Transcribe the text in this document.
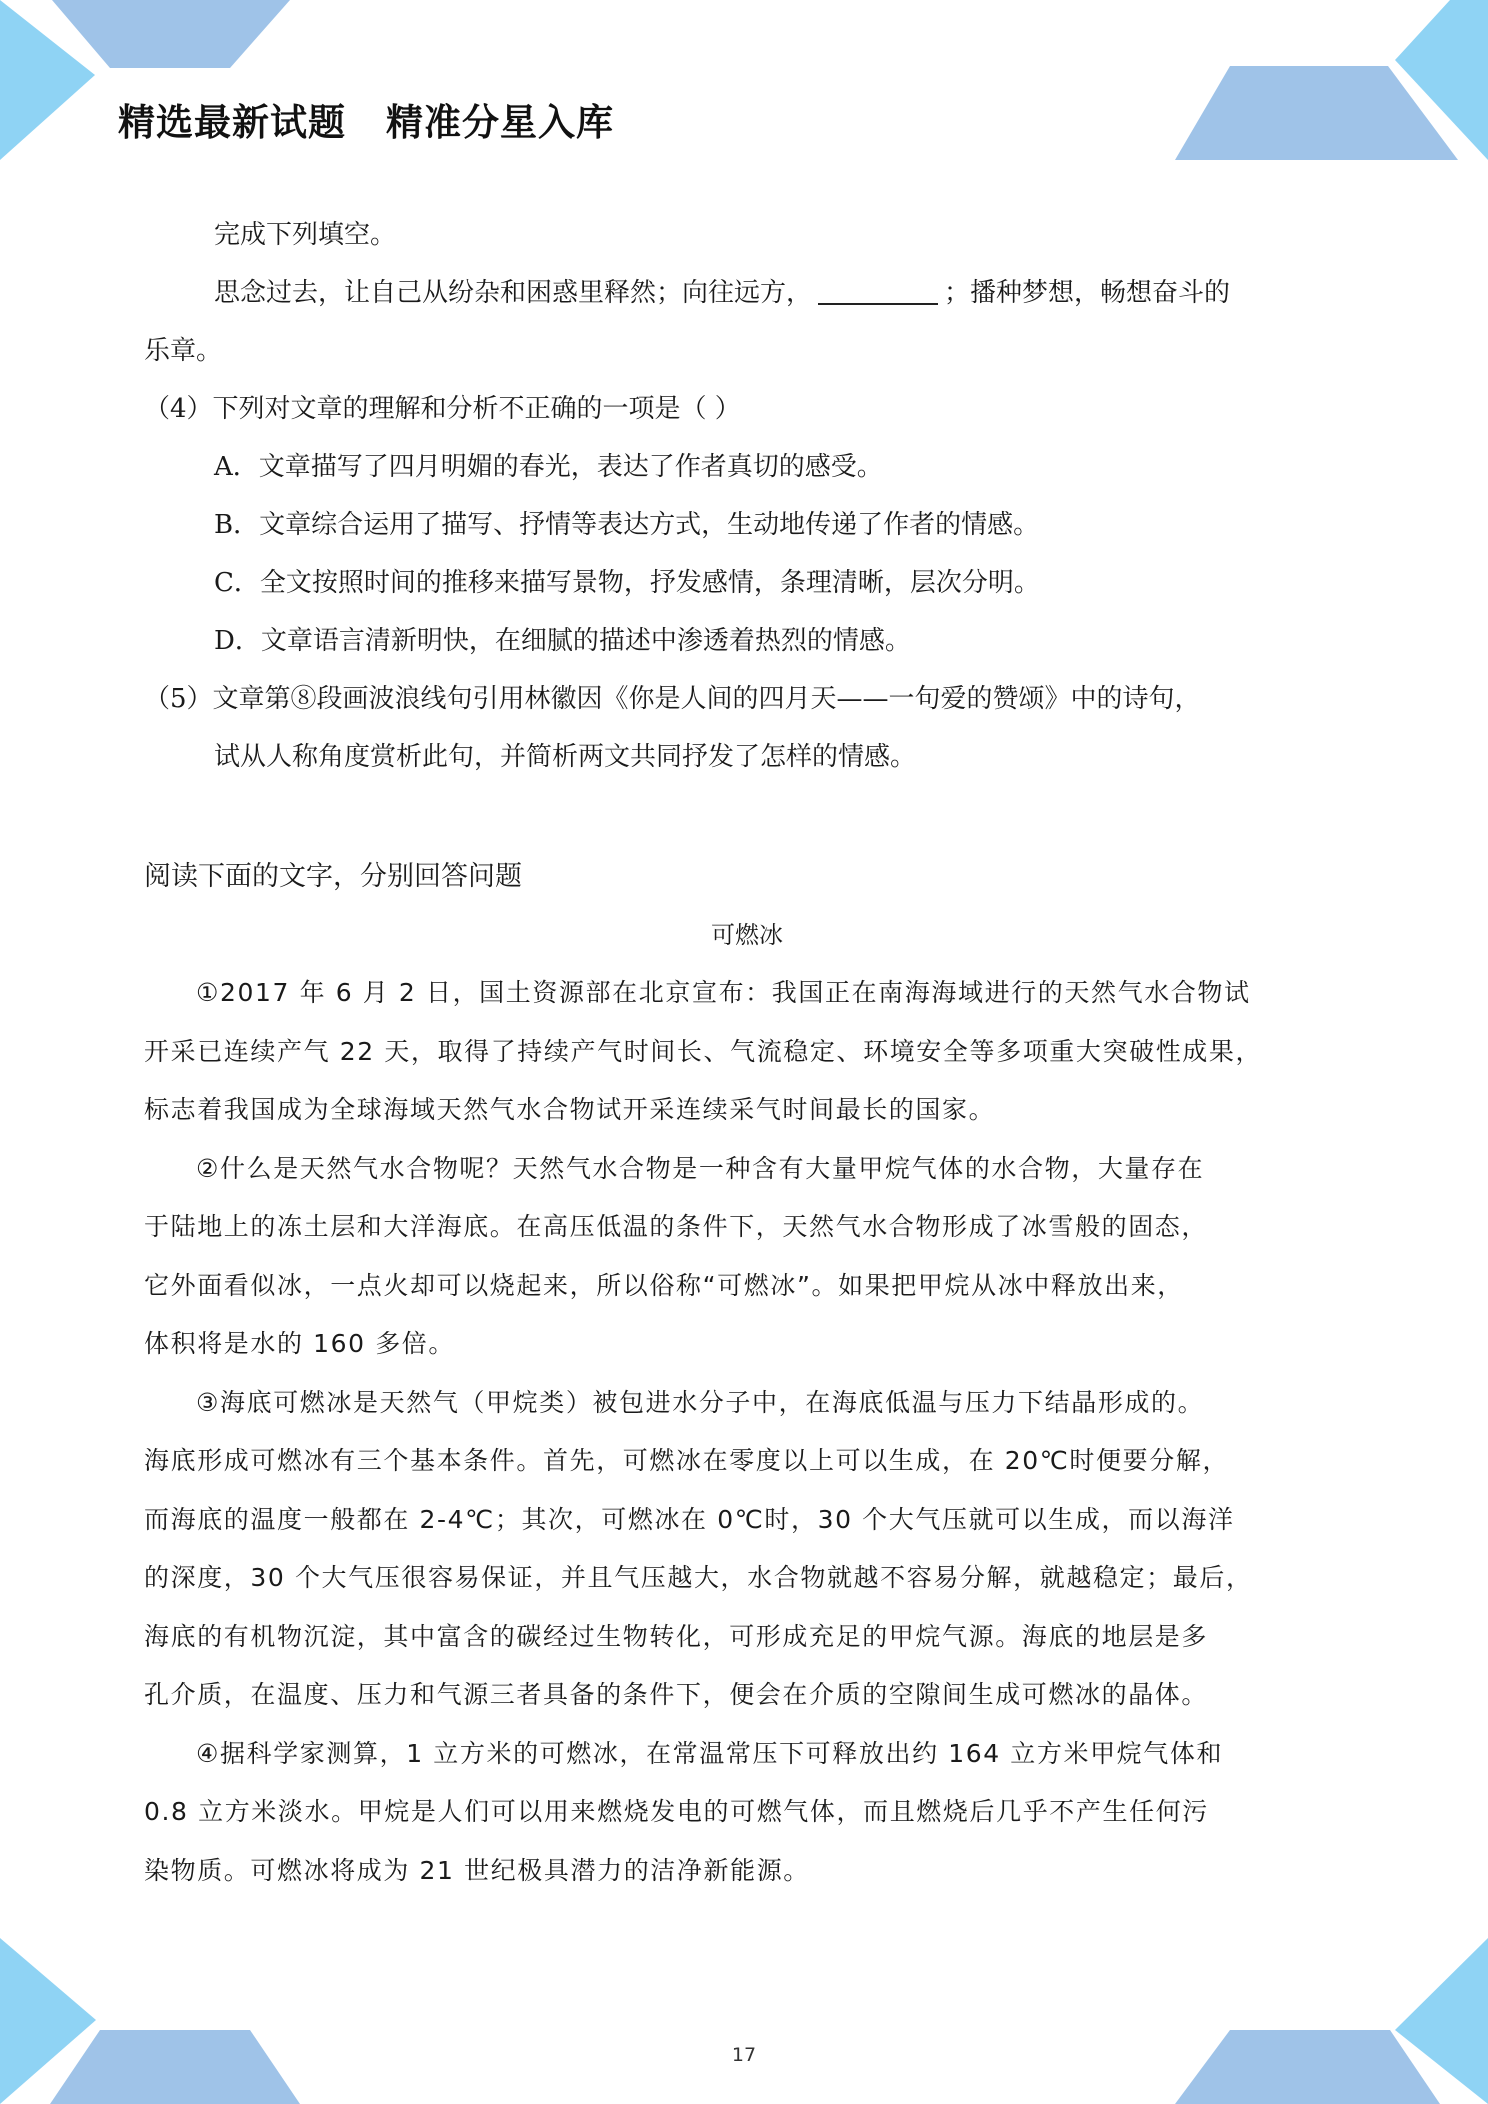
精选最新试题 精准分星入库
完成下列填空。
思念过去，让自己从纷杂和困惑里释然；向往远方，	；播种梦想，畅想奋斗的
乐章。
（4）下列对文章的理解和分析不正确的一项是（ ）
A．文章描写了四月明媚的春光，表达了作者真切的感受。
B．文章综合运用了描写、抒情等表达方式，生动地传递了作者的情感。
C．全文按照时间的推移来描写景物，抒发感情，条理清晰，层次分明。
D．文章语言清新明快，在细腻的描述中渗透着热烈的情感。
（5）文章第⑧段画波浪线句引用林徽因《你是人间的四月天——一句爱的赞颂》中的诗句，
试从人称角度赏析此句，并简析两文共同抒发了怎样的情感。
阅读下面的文字，分别回答问题
可燃冰
①2017 年 6 月 2 日，国土资源部在北京宣布：我国正在南海海域进行的天然气水合物试
开采已连续产气 22 天，取得了持续产气时间长、气流稳定、环境安全等多项重大突破性成果，
标志着我国成为全球海域天然气水合物试开采连续采气时间最长的国家。
②什么是天然气水合物呢？天然气水合物是一种含有大量甲烷气体的水合物，大量存在
于陆地上的冻土层和大洋海底。在高压低温的条件下，天然气水合物形成了冰雪般的固态，
它外面看似冰，一点火却可以烧起来，所以俗称“可燃冰”。如果把甲烷从冰中释放出来，
体积将是水的 160 多倍。
③海底可燃冰是天然气（甲烷类）被包进水分子中，在海底低温与压力下结晶形成的。
海底形成可燃冰有三个基本条件。首先，可燃冰在零度以上可以生成，在 20℃时便要分解，
而海底的温度一般都在 2-4℃；其次，可燃冰在 0℃时，30 个大气压就可以生成，而以海洋
的深度，30 个大气压很容易保证，并且气压越大，水合物就越不容易分解，就越稳定；最后，
海底的有机物沉淀，其中富含的碳经过生物转化，可形成充足的甲烷气源。海底的地层是多
孔介质，在温度、压力和气源三者具备的条件下，便会在介质的空隙间生成可燃冰的晶体。
④据科学家测算，1 立方米的可燃冰，在常温常压下可释放出约 164 立方米甲烷气体和
0.8 立方米淡水。甲烷是人们可以用来燃烧发电的可燃气体，而且燃烧后几乎不产生任何污
染物质。可燃冰将成为 21 世纪极具潜力的洁净新能源。
17
